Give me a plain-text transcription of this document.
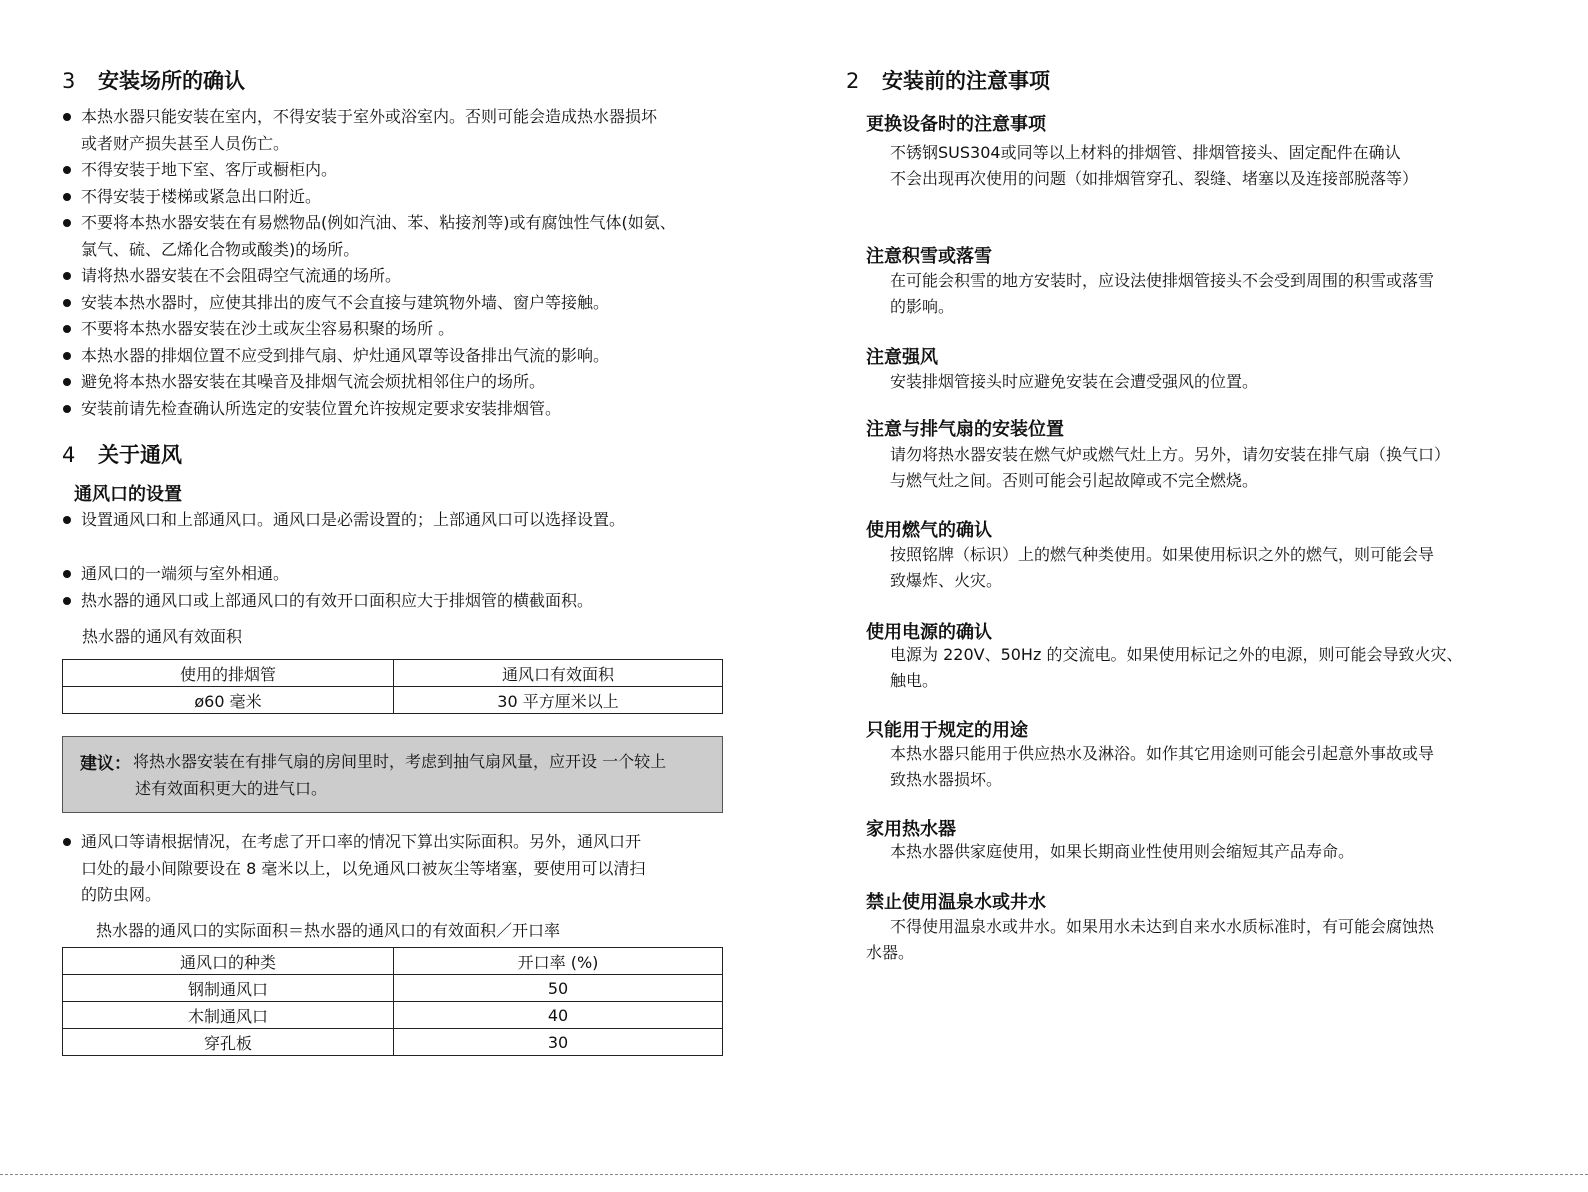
3 安装场所的确认
本热水器只能安装在室内，不得安装于室外或浴室内。否则可能会造成热水器损坏
或者财产损失甚至人员伤亡。
不得安装于地下室、客厅或橱柜内。
不得安装于楼梯或紧急出口附近。
不要将本热水器安装在有易燃物品(例如汽油、苯、粘接剂等)或有腐蚀性气体(如氨、
氯气、硫、乙烯化合物或酸类)的场所。
请将热水器安装在不会阻碍空气流通的场所。
安装本热水器时，应使其排出的废气不会直接与建筑物外墙、窗户等接触。
不要将本热水器安装在沙土或灰尘容易积聚的场所 。
本热水器的排烟位置不应受到排气扇、炉灶通风罩等设备排出气流的影响。
避免将本热水器安装在其噪音及排烟气流会烦扰相邻住户的场所。
安装前请先检查确认所选定的安装位置允许按规定要求安装排烟管。
4 关于通风
通风口的设置
设置通风口和上部通风口。通风口是必需设置的；上部通风口可以选择设置。
通风口的一端须与室外相通。
热水器的通风口或上部通风口的有效开口面积应大于排烟管的横截面积。
热水器的通风有效面积
使用的排烟管	通风口有效面积
ø60 毫米	30 平方厘米以上
建议： 将热水器安装在有排气扇的房间里时，考虑到抽气扇风量，应开设 一个较上
述有效面积更大的进气口。
通风口等请根据情况，在考虑了开口率的情况下算出实际面积。另外，通风口开
口处的最小间隙要设在 8 毫米以上，以免通风口被灰尘等堵塞，要使用可以清扫
的防虫网。
热水器的通风口的实际面积＝热水器的通风口的有效面积／开口率
通风口的种类	开口率 (%)
钢制通风口	50
木制通风口	40
穿孔板	30
2 安装前的注意事项
更换设备时的注意事项
不锈钢SUS304或同等以上材料的排烟管、排烟管接头、固定配件在确认
不会出现再次使用的问题（如排烟管穿孔、裂缝、堵塞以及连接部脱落等）
注意积雪或落雪
在可能会积雪的地方安装时，应设法使排烟管接头不会受到周围的积雪或落雪
的影响。
注意强风
安装排烟管接头时应避免安装在会遭受强风的位置。
注意与排气扇的安装位置
请勿将热水器安装在燃气炉或燃气灶上方。另外，请勿安装在排气扇（换气口）
与燃气灶之间。否则可能会引起故障或不完全燃烧。
使用燃气的确认
按照铭牌（标识）上的燃气种类使用。如果使用标识之外的燃气，则可能会导
致爆炸、火灾。
使用电源的确认
电源为 220V、50Hz 的交流电。如果使用标记之外的电源，则可能会导致火灾、
触电。
只能用于规定的用途
本热水器只能用于供应热水及淋浴。如作其它用途则可能会引起意外事故或导
致热水器损坏。
家用热水器
本热水器供家庭使用，如果长期商业性使用则会缩短其产品寿命。
禁止使用温泉水或井水
不得使用温泉水或井水。如果用水未达到自来水水质标准时，有可能会腐蚀热
水器。
